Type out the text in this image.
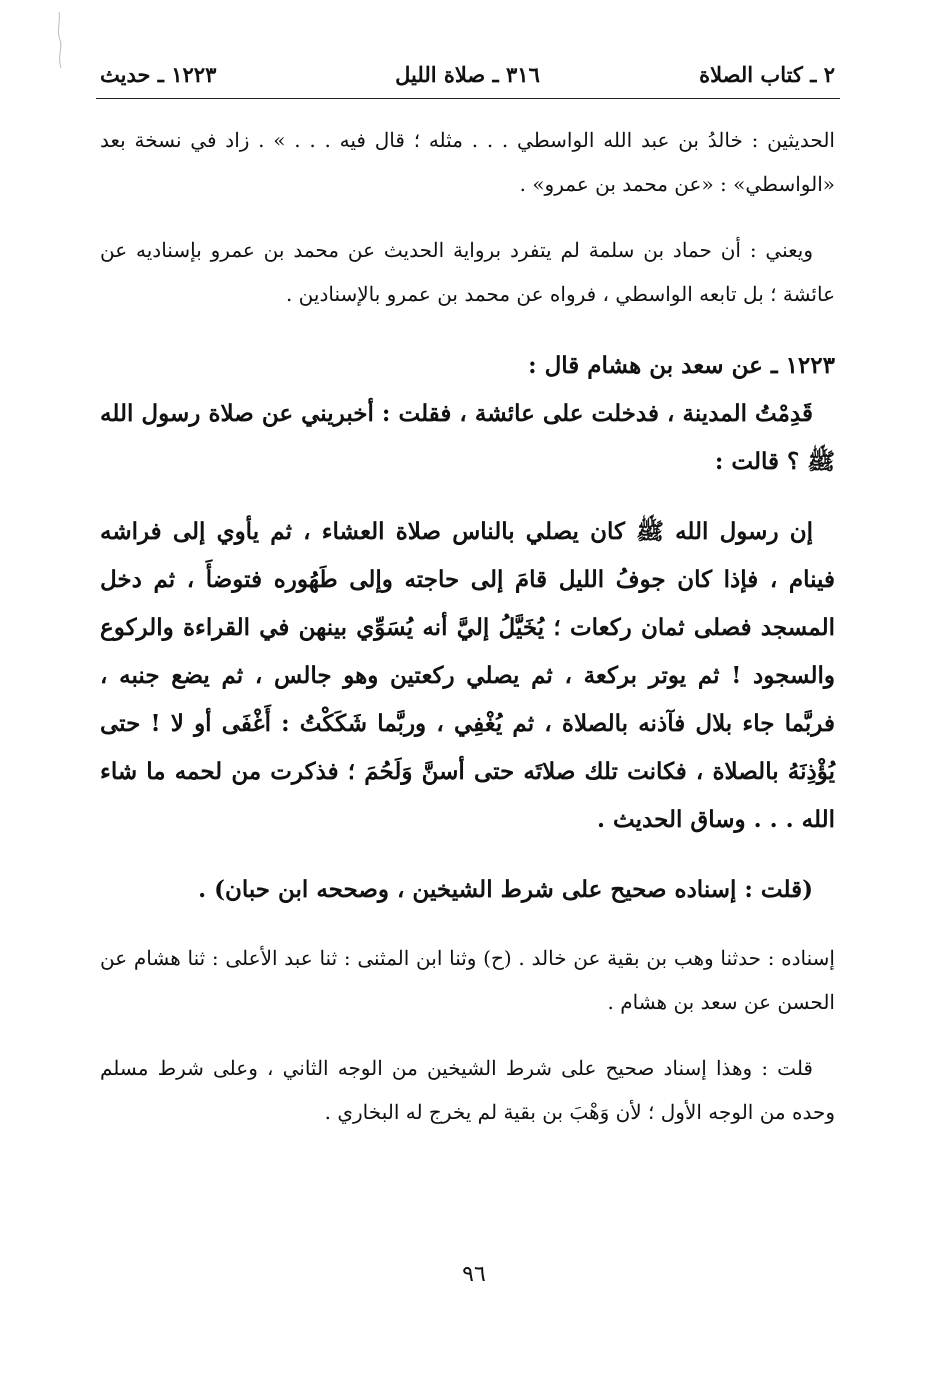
٢ ـ كتاب الصلاة
٣١٦ ـ صلاة الليل
١٢٢٣ ـ حديث

الحديثين : خالدُ بن عبد الله الواسطي . . . مثله ؛ قال فيه . . . » . زاد في نسخة بعد «الواسطي» : «عن محمد بن عمرو» .

ويعني : أن حماد بن سلمة لم يتفرد برواية الحديث عن محمد بن عمرو بإسناديه عن عائشة ؛ بل تابعه الواسطي ، فرواه عن محمد بن عمرو بالإسنادين .

١٢٢٣ ـ عن سعد بن هشام قال :

قَدِمْتُ المدينة ، فدخلت على عائشة ، فقلت : أخبريني عن صلاة رسول الله ﷺ ؟ قالت :

إن رسول الله ﷺ كان يصلي بالناس صلاة العشاء ، ثم يأوي إلى فراشه فينام ، فإذا كان جوفُ الليل قامَ إلى حاجته وإلى طَهُوره فتوضأَ ، ثم دخل المسجد فصلى ثمان ركعات ؛ يُخَيَّلُ إليَّ أنه يُسَوِّي بينهن في القراءة والركوع والسجود ! ثم يوتر بركعة ، ثم يصلي ركعتين وهو جالس ، ثم يضع جنبه ، فربَّما جاء بلال فآذنه بالصلاة ، ثم يُغْفِي ، وربَّما شَكَكْتُ : أَغْفَى أو لا ! حتى يُؤْذِنَهُ بالصلاة ، فكانت تلك صلاتَه حتى أسنَّ وَلَحُمَ ؛ فذكرت من لحمه ما شاء الله . . . وساق الحديث .

(قلت : إسناده صحيح على شرط الشيخين ، وصححه ابن حبان) .

إسناده : حدثنا وهب بن بقية عن خالد . (ح) وثنا ابن المثنى : ثنا عبد الأعلى : ثنا هشام عن الحسن عن سعد بن هشام .

قلت : وهذا إسناد صحيح على شرط الشيخين من الوجه الثاني ، وعلى شرط مسلم وحده من الوجه الأول ؛ لأن وَهْبَ بن بقية لم يخرج له البخاري .

٩٦
